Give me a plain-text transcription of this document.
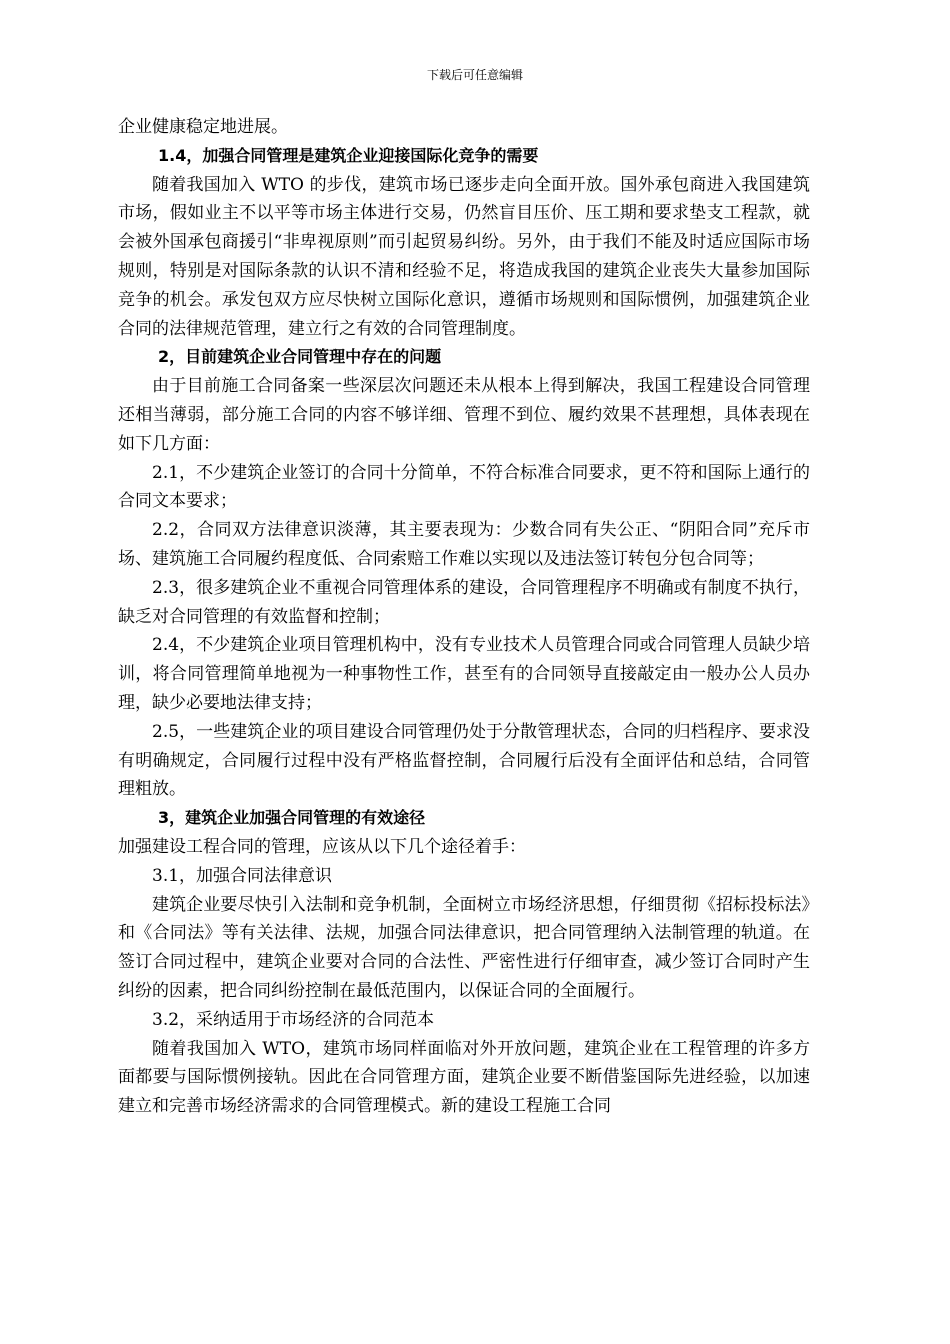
下载后可任意编辑

企业健康稳定地进展。

1.4，加强合同管理是建筑企业迎接国际化竞争的需要

随着我国加入 WTO 的步伐，建筑市场已逐步走向全面开放。国外承包商进入我国建筑市场，假如业主不以平等市场主体进行交易，仍然盲目压价、压工期和要求垫支工程款，就会被外国承包商援引“非卑视原则”而引起贸易纠纷。另外，由于我们不能及时适应国际市场规则，特别是对国际条款的认识不清和经验不足，将造成我国的建筑企业丧失大量参加国际竞争的机会。承发包双方应尽快树立国际化意识，遵循市场规则和国际惯例，加强建筑企业合同的法律规范管理，建立行之有效的合同管理制度。

2，目前建筑企业合同管理中存在的问题

由于目前施工合同备案一些深层次问题还未从根本上得到解决，我国工程建设合同管理还相当薄弱，部分施工合同的内容不够详细、管理不到位、履约效果不甚理想，具体表现在如下几方面：

2.1，不少建筑企业签订的合同十分简单，不符合标准合同要求，更不符和国际上通行的合同文本要求；

2.2，合同双方法律意识淡薄，其主要表现为：少数合同有失公正、“阴阳合同”充斥市场、建筑施工合同履约程度低、合同索赔工作难以实现以及违法签订转包分包合同等；

2.3，很多建筑企业不重视合同管理体系的建设，合同管理程序不明确或有制度不执行，缺乏对合同管理的有效监督和控制；

2.4，不少建筑企业项目管理机构中，没有专业技术人员管理合同或合同管理人员缺少培训，将合同管理简单地视为一种事物性工作，甚至有的合同领导直接敲定由一般办公人员办理，缺少必要地法律支持；

2.5，一些建筑企业的项目建设合同管理仍处于分散管理状态，合同的归档程序、要求没有明确规定，合同履行过程中没有严格监督控制，合同履行后没有全面评估和总结，合同管理粗放。

3，建筑企业加强合同管理的有效途径

加强建设工程合同的管理，应该从以下几个途径着手：

3.1，加强合同法律意识

建筑企业要尽快引入法制和竞争机制，全面树立市场经济思想，仔细贯彻《招标投标法》和《合同法》等有关法律、法规，加强合同法律意识，把合同管理纳入法制管理的轨道。在签订合同过程中，建筑企业要对合同的合法性、严密性进行仔细审查，减少签订合同时产生纠纷的因素，把合同纠纷控制在最低范围内，以保证合同的全面履行。

3.2，采纳适用于市场经济的合同范本

随着我国加入 WTO，建筑市场同样面临对外开放问题，建筑企业在工程管理的许多方面都要与国际惯例接轨。因此在合同管理方面，建筑企业要不断借鉴国际先进经验，以加速建立和完善市场经济需求的合同管理模式。新的建设工程施工合同
